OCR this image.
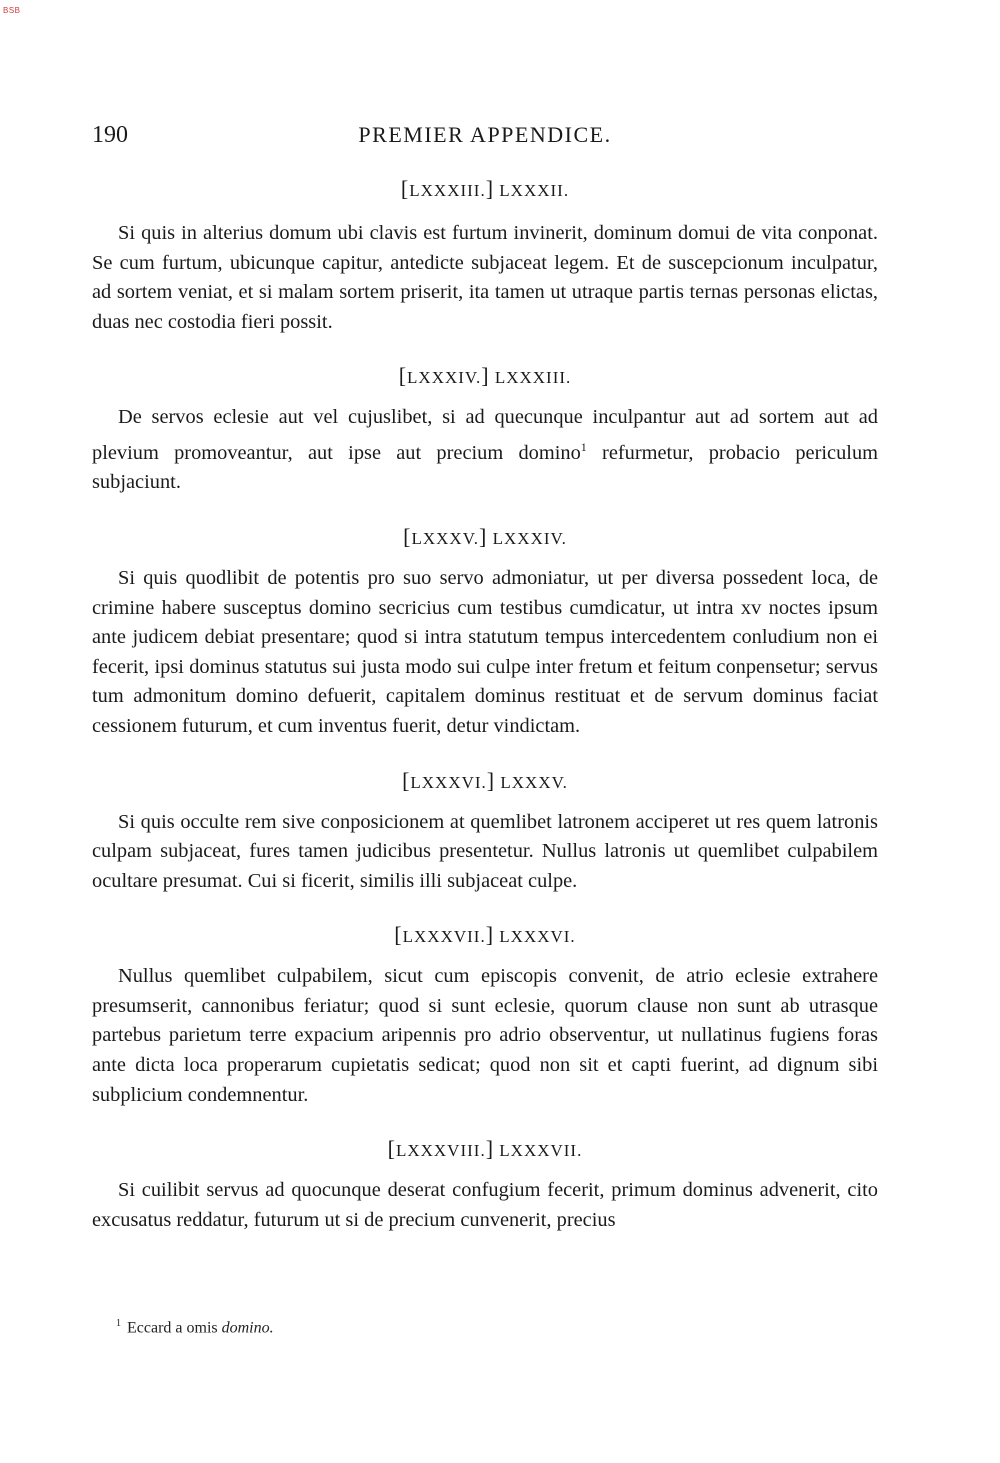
BSB
190	PREMIER APPENDICE.

[LXXXIII.] LXXXII.

Si quis in alterius domum ubi clavis est furtum invinerit, dominum domui de vita conponat. Se cum furtum, ubicunque capitur, antedicte subjaceat legem. Et de suscepcionum inculpatur, ad sortem veniat, et si malam sortem priserit, ita tamen ut utraque partis ternas personas elictas, duas nec costodia fieri possit.

[LXXXIV.] LXXXIII.

De servos eclesie aut vel cujuslibet, si ad quecunque inculpantur aut ad sortem aut ad plevium promoveantur, aut ipse aut precium domino$^1$ refurmetur, probacio periculum subjaciunt.

[LXXXV.] LXXXIV.

Si quis quodlibit de potentis pro suo servo admoniatur, ut per diversa possedent loca, de crimine habere susceptus domino secricius cum testibus cumdicatur, ut intra xv noctes ipsum ante judicem debiat presentare; quod si intra statutum tempus intercedentem conludium non ei fecerit, ipsi dominus statutus sui justa modo sui culpe inter fretum et feitum conpensetur; servus tum admonitum domino defuerit, capitalem dominus restituat et de servum dominus faciat cessionem futurum, et cum inventus fuerit, detur vindictam.

[LXXXVI.] LXXXV.

Si quis occulte rem sive conposicionem at quemlibet latronem acciperet ut res quem latronis culpam subjaceat, fures tamen judicibus presentetur. Nullus latronis ut quemlibet culpabilem ocultare presumat. Cui si ficerit, similis illi subjaceat culpe.

[LXXXVII.] LXXXVI.

Nullus quemlibet culpabilem, sicut cum episcopis convenit, de atrio eclesie extrahere presumserit, cannonibus feriatur; quod si sunt eclesie, quorum clause non sunt ab utrasque partebus parietum terre expacium aripennis pro adrio observentur, ut nullatinus fugiens foras ante dicta loca properarum cupietatis sedicat; quod non sit et capti fuerint, ad dignum sibi subplicium condemnentur.

[LXXXVIII.] LXXXVII.

Si cuilibit servus ad quocunque deserat confugium fecerit, primum dominus advenerit, cito excusatus reddatur, futurum ut si de precium cunvenerit, precius

$^1$ Eccard a omis domino.
